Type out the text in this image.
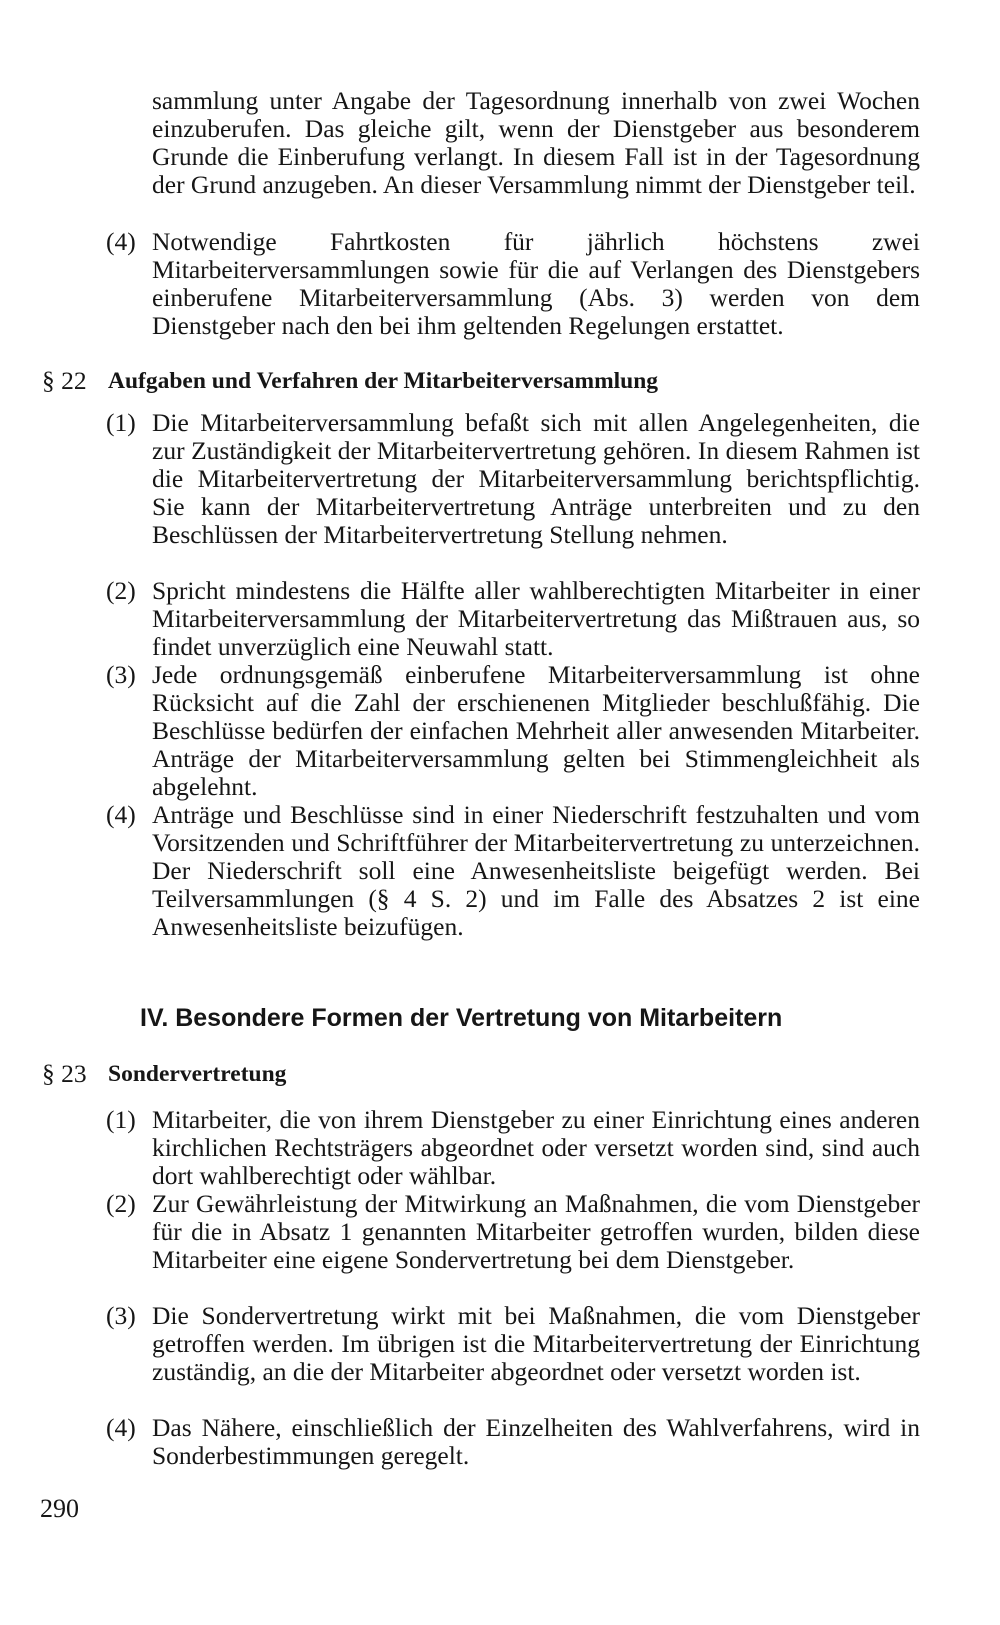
sammlung unter Angabe der Tagesordnung innerhalb von zwei Wochen einzuberufen. Das gleiche gilt, wenn der Dienstgeber aus besonderem Grunde die Einberufung verlangt. In diesem Fall ist in der Tagesordnung der Grund anzugeben. An dieser Versammlung nimmt der Dienstgeber teil.

(4) Notwendige Fahrtkosten für jährlich höchstens zwei Mitarbeiterversammlungen sowie für die auf Verlangen des Dienstgebers einberufene Mitarbeiterversammlung (Abs. 3) werden von dem Dienstgeber nach den bei ihm geltenden Regelungen erstattet.

§ 22 Aufgaben und Verfahren der Mitarbeiterversammlung
(1) Die Mitarbeiterversammlung befaßt sich mit allen Angelegenheiten, die zur Zuständigkeit der Mitarbeitervertretung gehören. In diesem Rahmen ist die Mitarbeitervertretung der Mitarbeiterversammlung berichtspflichtig. Sie kann der Mitarbeitervertretung Anträge unterbreiten und zu den Beschlüssen der Mitarbeitervertretung Stellung nehmen.

(2) Spricht mindestens die Hälfte aller wahlberechtigten Mitarbeiter in einer Mitarbeiterversammlung der Mitarbeitervertretung das Mißtrauen aus, so findet unverzüglich eine Neuwahl statt.

(3) Jede ordnungsgemäß einberufene Mitarbeiterversammlung ist ohne Rücksicht auf die Zahl der erschienenen Mitglieder beschlußfähig. Die Beschlüsse bedürfen der einfachen Mehrheit aller anwesenden Mitarbeiter. Anträge der Mitarbeiterversammlung gelten bei Stimmengleichheit als abgelehnt.

(4) Anträge und Beschlüsse sind in einer Niederschrift festzuhalten und vom Vorsitzenden und Schriftführer der Mitarbeitervertretung zu unterzeichnen. Der Niederschrift soll eine Anwesenheitsliste beigefügt werden. Bei Teilversammlungen (§ 4 S. 2) und im Falle des Absatzes 2 ist eine Anwesenheitsliste beizufügen.

IV. Besondere Formen der Vertretung von Mitarbeitern
§ 23 Sondervertretung
(1) Mitarbeiter, die von ihrem Dienstgeber zu einer Einrichtung eines anderen kirchlichen Rechtsträgers abgeordnet oder versetzt worden sind, sind auch dort wahlberechtigt oder wählbar.

(2) Zur Gewährleistung der Mitwirkung an Maßnahmen, die vom Dienstgeber für die in Absatz 1 genannten Mitarbeiter getroffen wurden, bilden diese Mitarbeiter eine eigene Sondervertretung bei dem Dienstgeber.

(3) Die Sondervertretung wirkt mit bei Maßnahmen, die vom Dienstgeber getroffen werden. Im übrigen ist die Mitarbeitervertretung der Einrichtung zuständig, an die der Mitarbeiter abgeordnet oder versetzt worden ist.

(4) Das Nähere, einschließlich der Einzelheiten des Wahlverfahrens, wird in Sonderbestimmungen geregelt.

290
